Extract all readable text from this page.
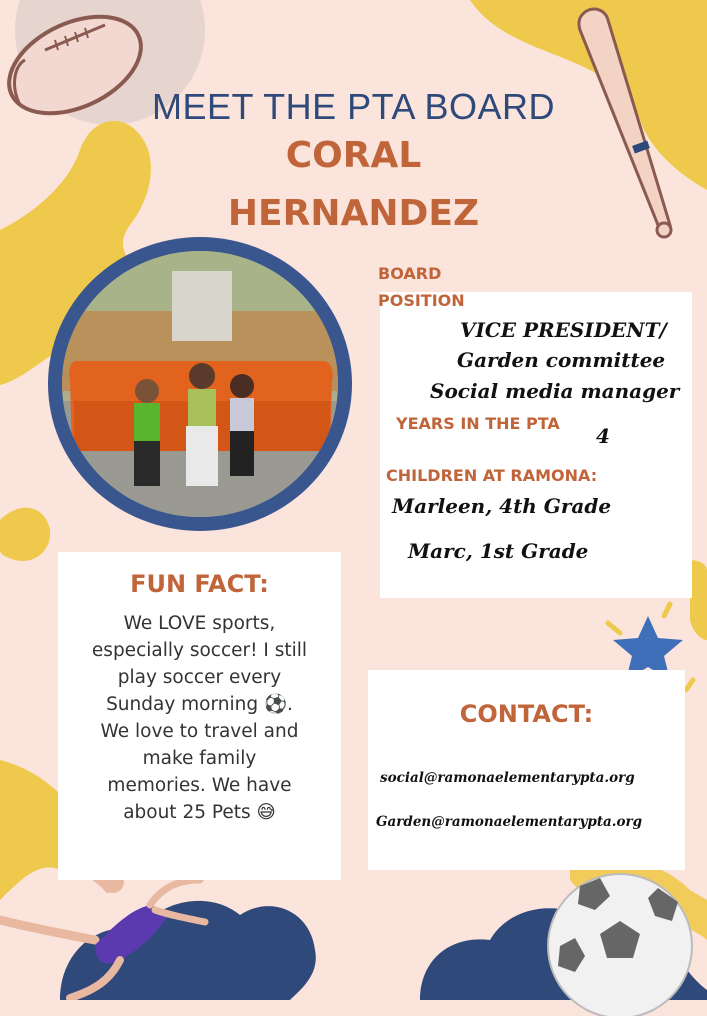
MEET THE PTA BOARD
CORAL
HERNANDEZ
BOARD
POSITION
VICE PRESIDENT/
Garden committee
Social media manager
YEARS IN THE PTA
4
CHILDREN AT RAMONA:
Marleen, 4th Grade
Marc, 1st Grade
FUN FACT:
We LOVE sports,
especially soccer! I still
play soccer every
Sunday morning ⚽.
We love to travel and
make family
memories. We have
about 25 Pets 😅
CONTACT:
social@ramonaelementarypta.org
Garden@ramonaelementarypta.org
